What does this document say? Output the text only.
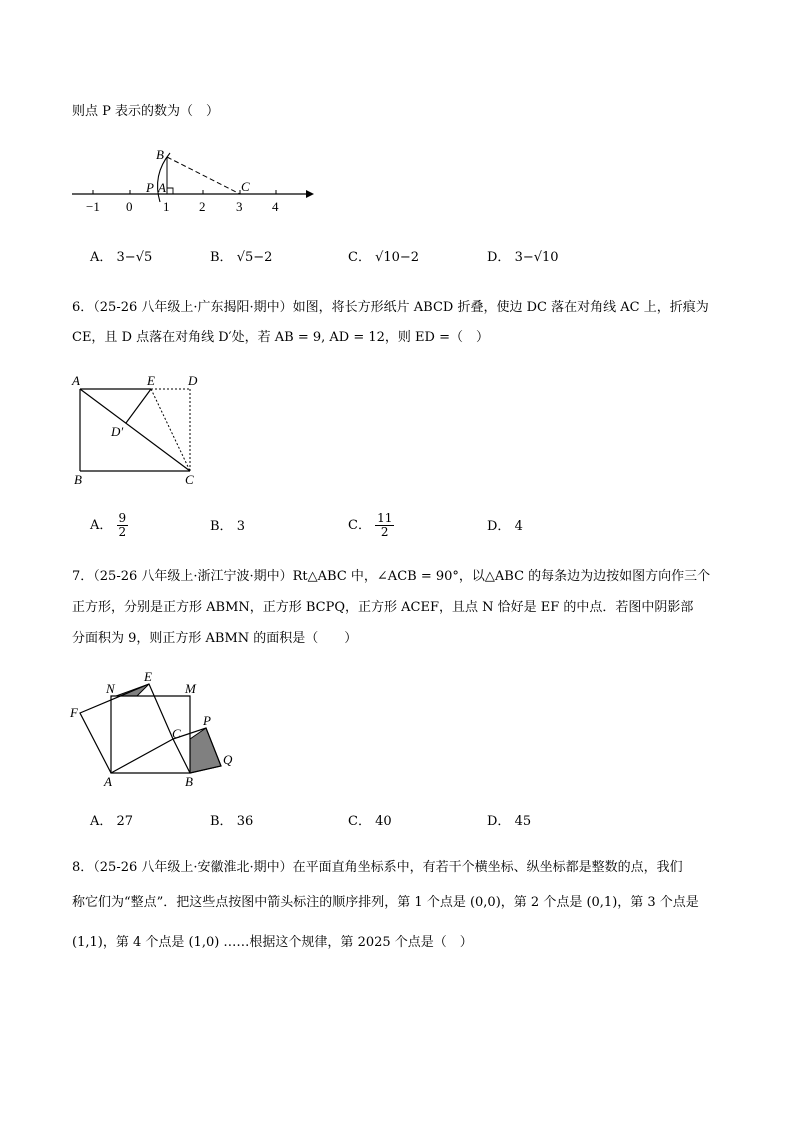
则点 P 表示的数为（　）
−1 0 1 2 3 4
B
P A	C
A． 3−√5	B． √5−2	C． √10−2	D． 3−√10
6．（25-26 八年级上·广东揭阳·期中）如图，将长方形纸片 ABCD 折叠，使边 DC 落在对角线 AC 上，折痕为
CE，且 D 点落在对角线 D′处，若 AB = 9, AD = 12，则 ED =（　）
A	E	D
D′
B	C
A． $\frac{9}{2}$	B． 3	C． $\frac{11}{2}$	D． 4
7．（25-26 八年级上·浙江宁波·期中）Rt△ABC 中，∠ACB = 90°，以△ABC 的每条边为边按如图方向作三个
正方形，分别是正方形 ABMN，正方形 BCPQ，正方形 ACEF，且点 N 恰好是 EF 的中点．若图中阴影部
分面积为 9，则正方形 ABMN 的面积是（　　）
N
E
M
F
P
C
Q
A	B
A． 27	B． 36	C． 40	D． 45
8．（25-26 八年级上·安徽淮北·期中）在平面直角坐标系中，有若干个横坐标、纵坐标都是整数的点，我们
称它们为“整点”．把这些点按图中箭头标注的顺序排列，第 1 个点是 (0,0)，第 2 个点是 (0,1)，第 3 个点是
(1,1)，第 4 个点是 (1,0) ……根据这个规律，第 2025 个点是（　）
